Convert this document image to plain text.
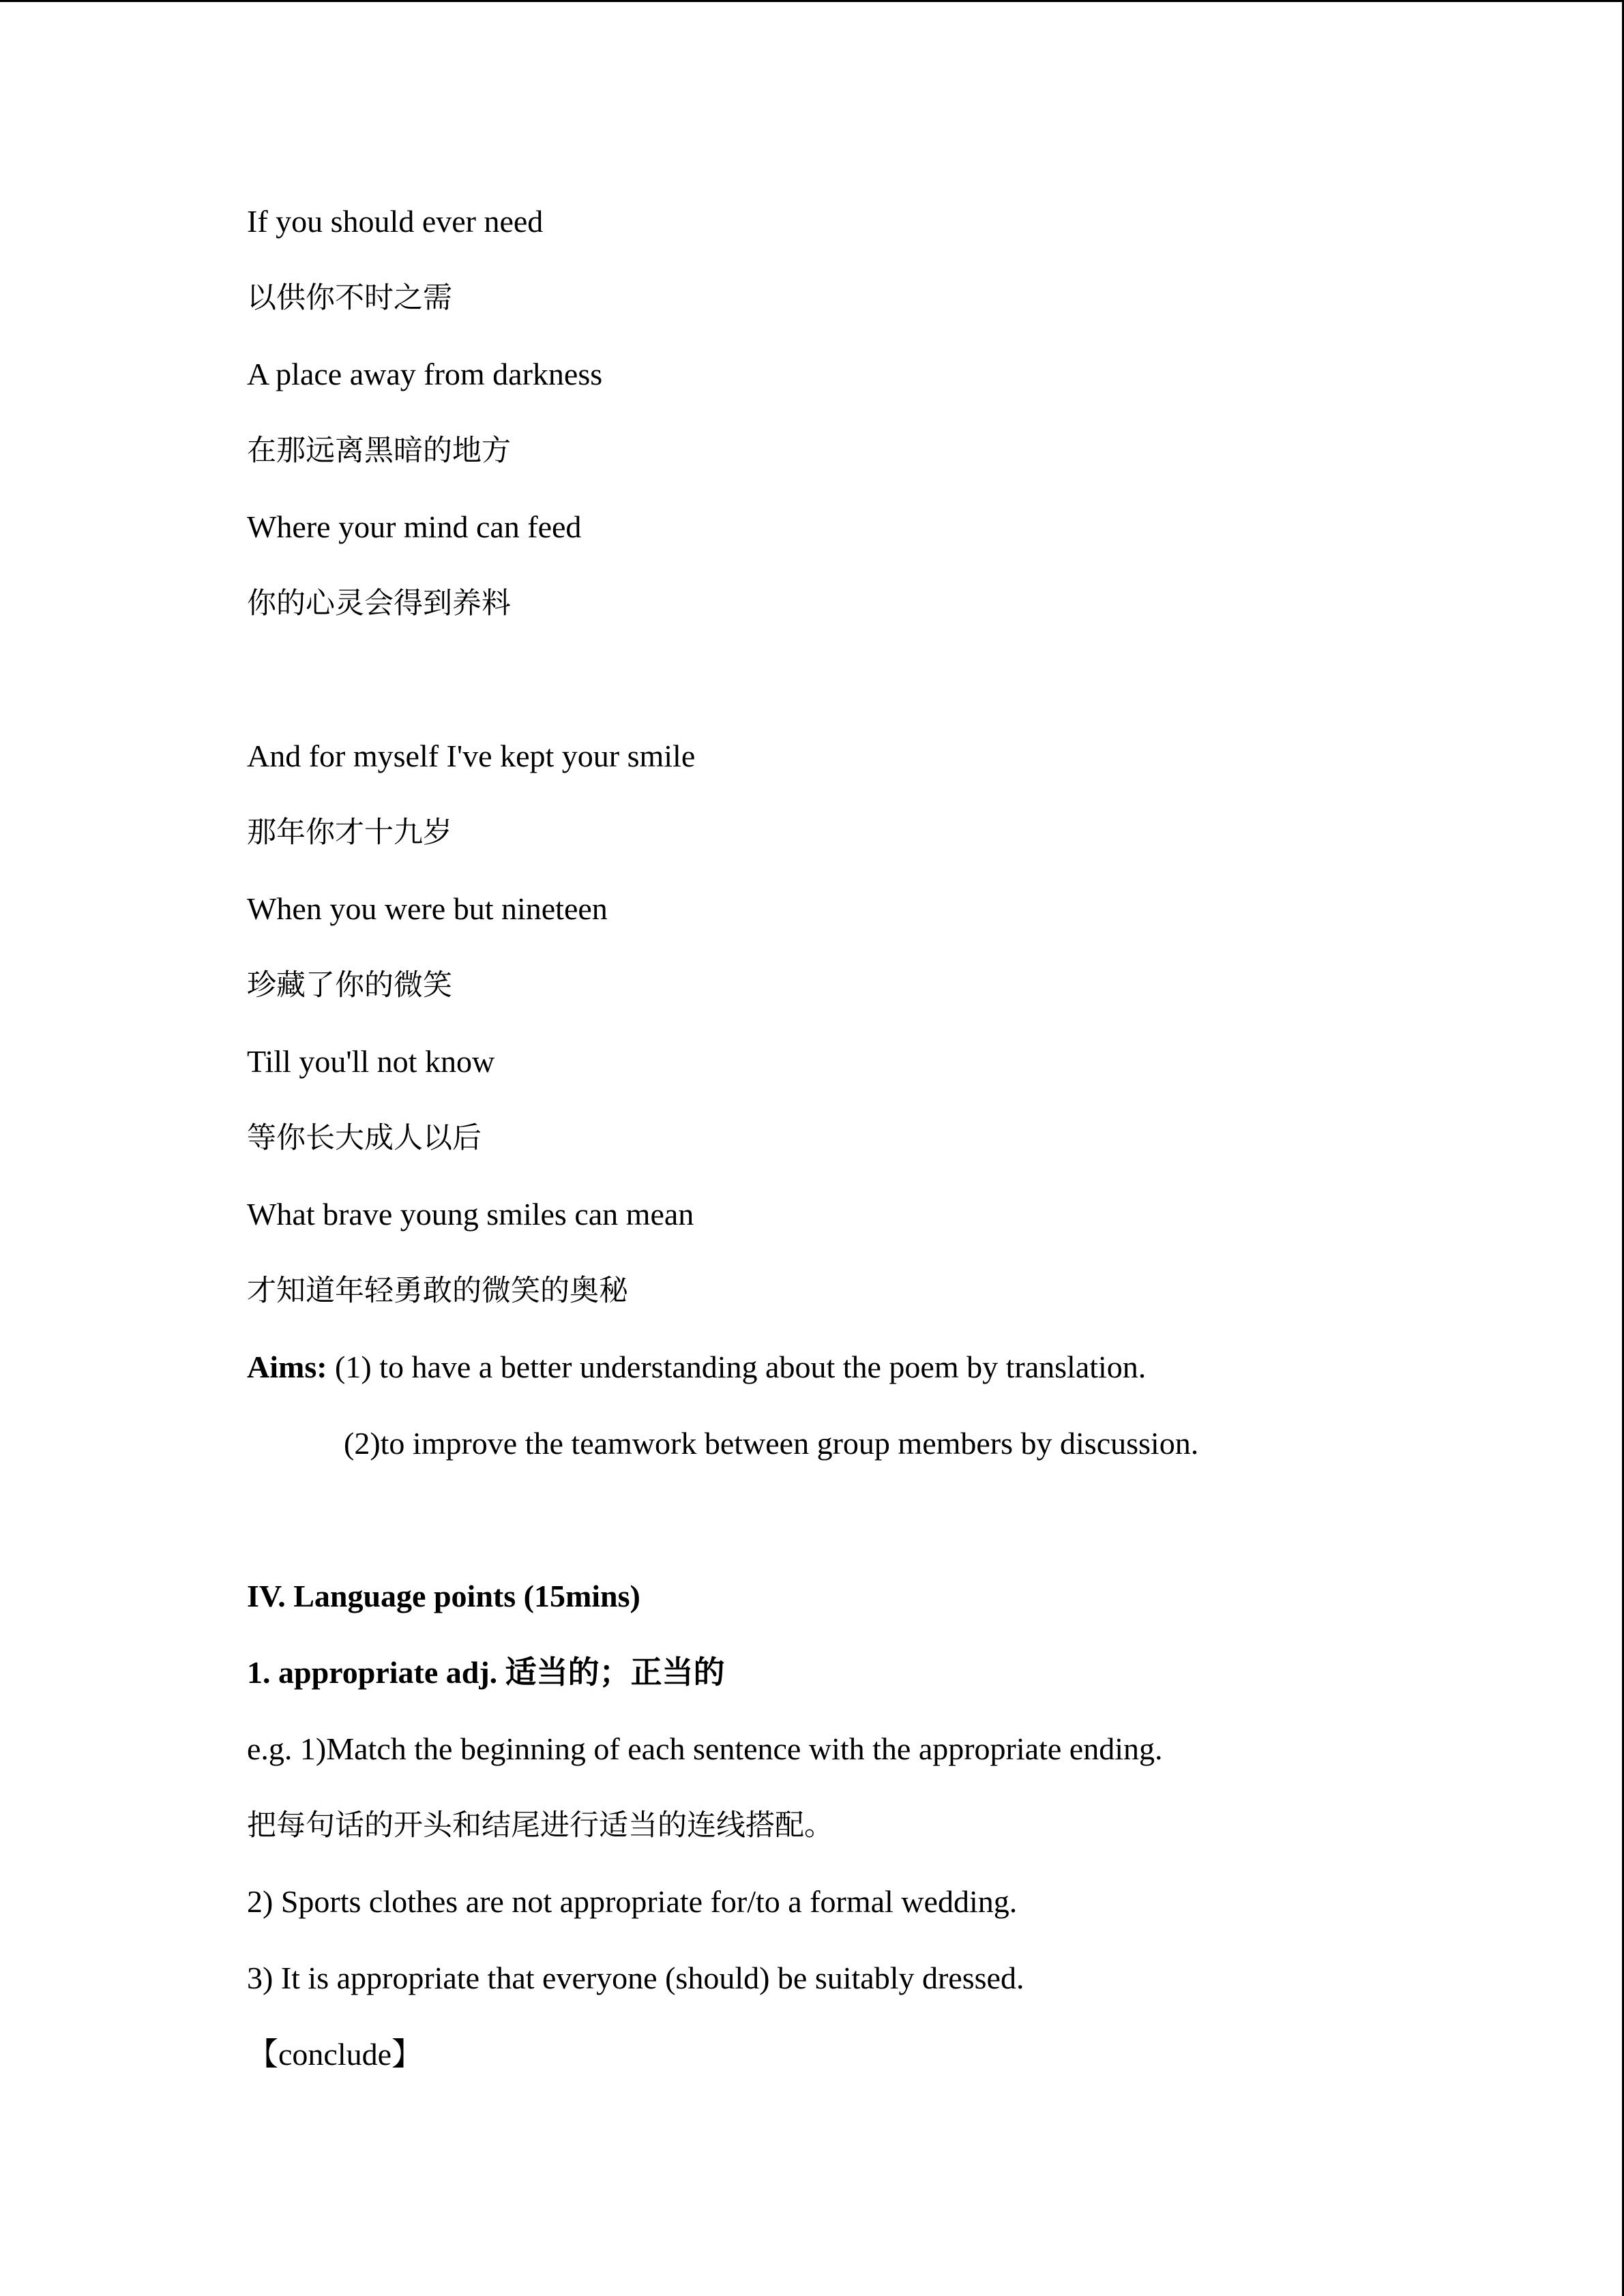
If you should ever need
以供你不时之需
A place away from darkness
在那远离黑暗的地方
Where your mind can feed
你的心灵会得到养料
And for myself I've kept your smile
那年你才十九岁
When you were but nineteen
珍藏了你的微笑
Till you'll not know
等你长大成人以后
What brave young smiles can mean
才知道年轻勇敢的微笑的奥秘
Aims: (1) to have a better understanding about the poem by translation.
(2)to improve the teamwork between group members by discussion.
IV. Language points (15mins)
1. appropriate adj. 适当的；正当的
e.g. 1)Match the beginning of each sentence with the appropriate ending.
把每句话的开头和结尾进行适当的连线搭配。
2) Sports clothes are not appropriate for/to a formal wedding.
3) It is appropriate that everyone (should) be suitably dressed.
【conclude】
